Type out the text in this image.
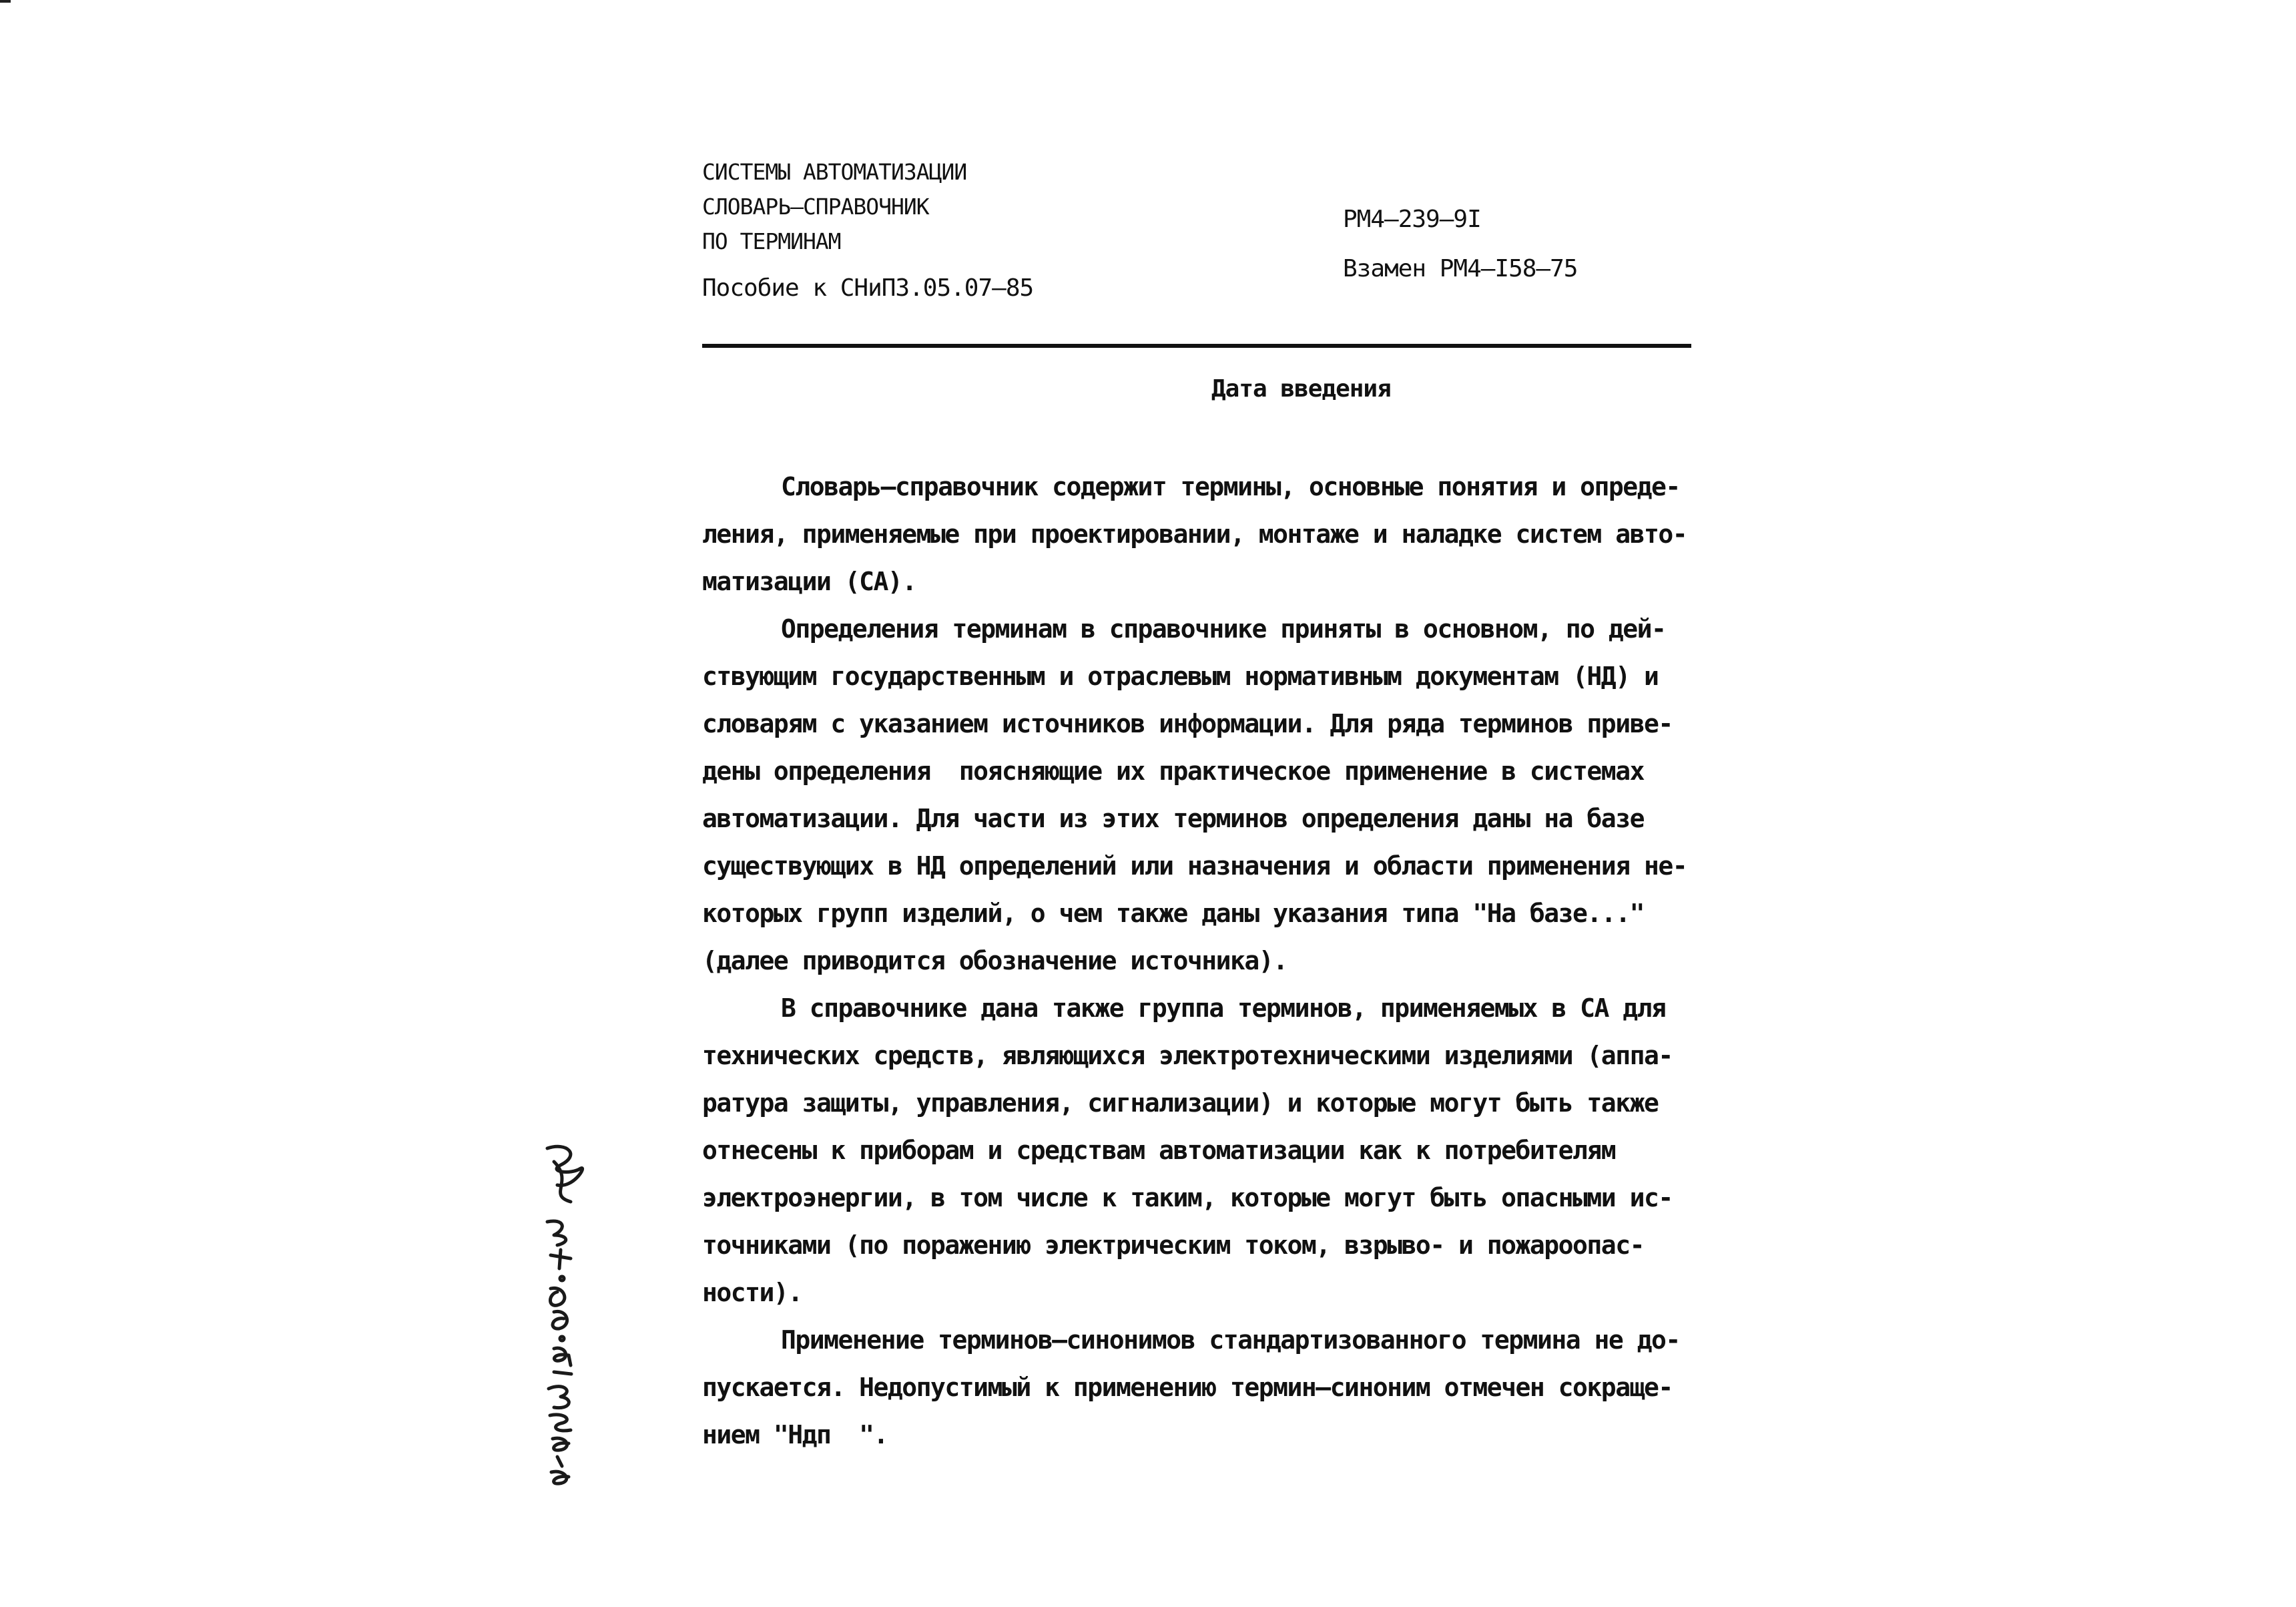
СИСТЕМЫ АВТОМАТИЗАЦИИ
СЛОВАРЬ–СПРАВОЧНИК
ПО ТЕРМИНАМ
Пособие к СНиП3.05.07–85
РМ4–239–9I
Взамен РМ4–I58–75
Дата введения
Словарь–справочник содержит термины, основные понятия и опреде-
ления, применяемые при проектировании, монтаже и наладке систем авто-
матизации (СА).
Определения терминам в справочнике приняты в основном, по дей-
ствующим государственным и отраслевым нормативным документам (НД) и
словарям с указанием источников информации. Для ряда терминов приве-
дены определения  поясняющие их практическое применение в системах
автоматизации. Для части из этих терминов определения даны на базе
существующих в НД определений или назначения и области применения не-
которых групп изделий, о чем также даны указания типа "На базе..."
(далее приводится обозначение источника).
В справочнике дана также группа терминов, применяемых в СА для
технических средств, являющихся электротехническими изделиями (аппа-
ратура защиты, управления, сигнализации) и которые могут быть также
отнесены к приборам и средствам автоматизации как к потребителям
электроэнергии, в том числе к таким, которые могут быть опасными ис-
точниками (по поражению электрическим током, взрыво- и пожароопас-
ности).
Применение терминов–синонимов стандартизованного термина не до-
пускается. Недопустимый к применению термин–синоним отмечен сокраще-
нием "Ндп  ".
